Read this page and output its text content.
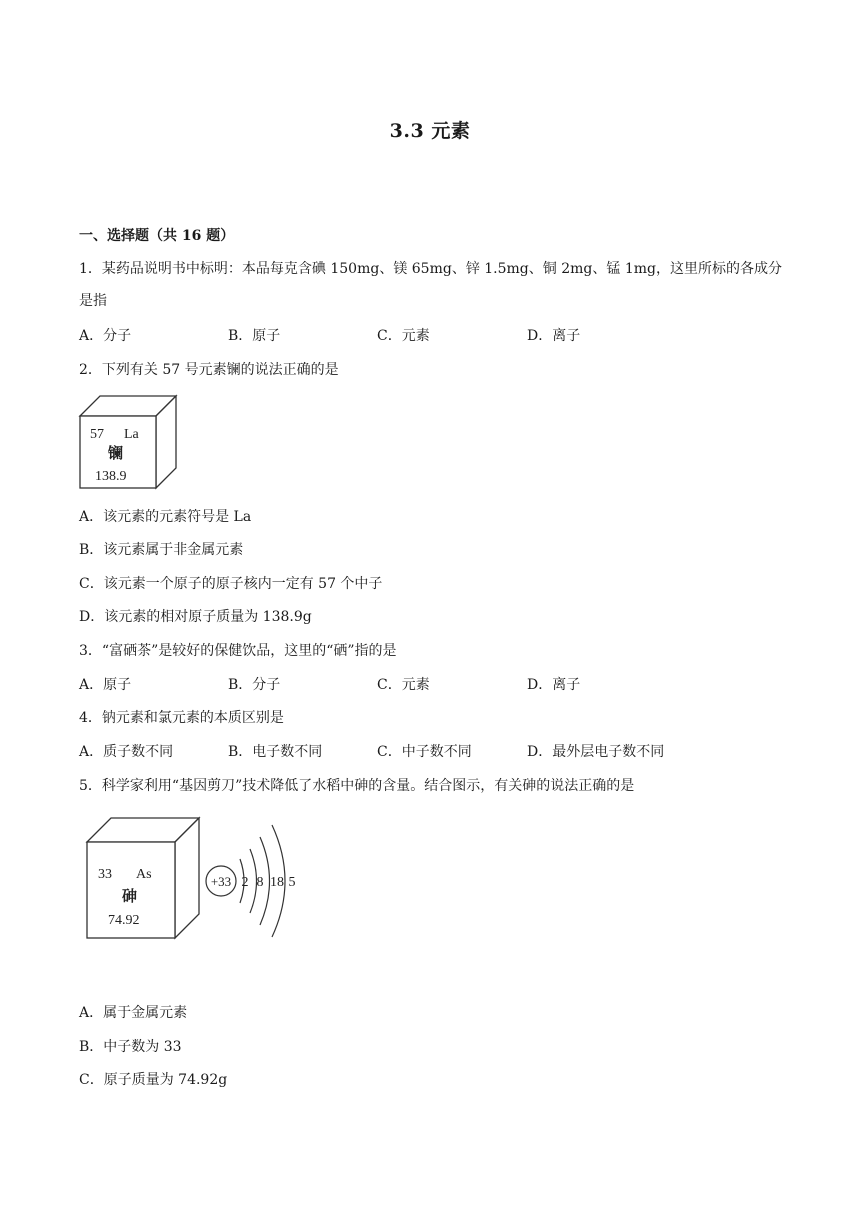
3.3 元素
一、选择题（共 16 题）
1．某药品说明书中标明：本品每克含碘 150mg、镁 65mg、锌 1.5mg、铜 2mg、锰 1mg，这里所标的各成分
是指
A．分子	B．原子	C．元素	D．离子
2．下列有关 57 号元素镧的说法正确的是
57 La
镧
138.9
A．该元素的元素符号是 La
B．该元素属于非金属元素
C．该元素一个原子的原子核内一定有 57 个中子
D．该元素的相对原子质量为 138.9g
3．“富硒茶”是较好的保健饮品，这里的“硒”指的是
A．原子	B．分子	C．元素	D．离子
4．钠元素和氯元素的本质区别是
A．质子数不同	B．电子数不同	C．中子数不同	D．最外层电子数不同
5．科学家利用“基因剪刀”技术降低了水稻中砷的含量。结合图示，有关砷的说法正确的是
33 As
砷
74.92
+33 2 8 18 5
A．属于金属元素
B．中子数为 33
C．原子质量为 74.92g
